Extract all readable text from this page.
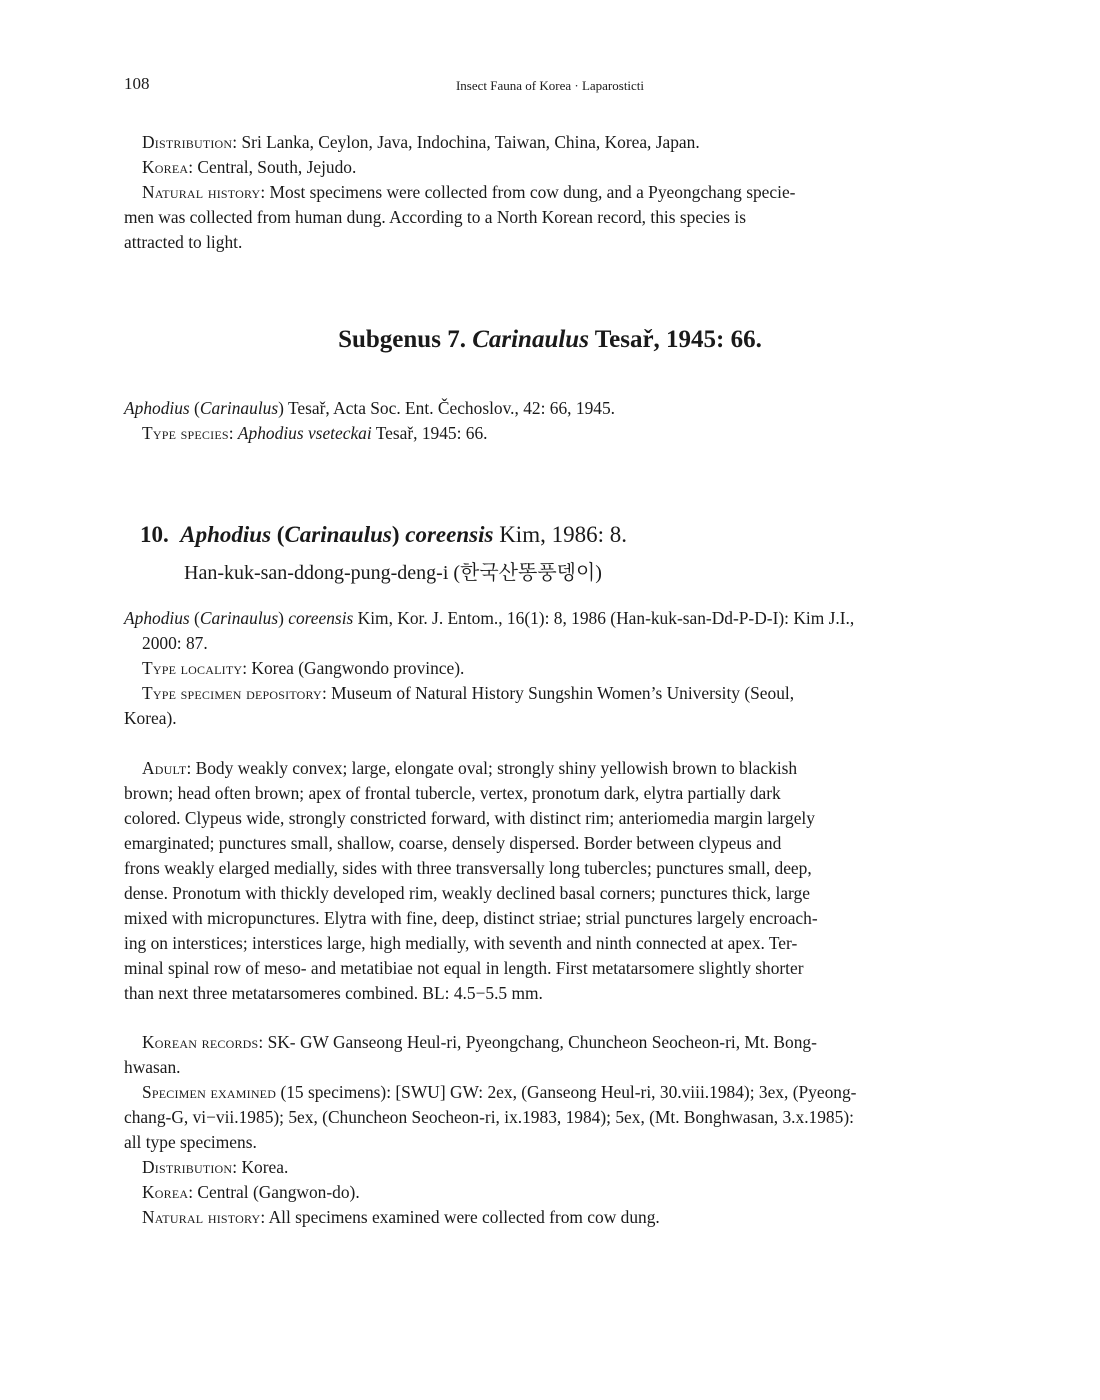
108	Insect Fauna of Korea · Laparosticti
Distribution: Sri Lanka, Ceylon, Java, Indochina, Taiwan, China, Korea, Japan.
Korea: Central, South, Jejudo.
Natural history: Most specimens were collected from cow dung, and a Pyeongchang specie-
men was collected from human dung. According to a North Korean record, this species is
attracted to light.
Subgenus 7. Carinaulus Tesař, 1945: 66.
Aphodius (Carinaulus) Tesař, Acta Soc. Ent. Čechoslov., 42: 66, 1945.
Type species: Aphodius vseteckai Tesař, 1945: 66.
10. Aphodius (Carinaulus) coreensis Kim, 1986: 8.
Han-kuk-san-ddong-pung-deng-i (한국산똥풍뎅이)
Aphodius (Carinaulus) coreensis Kim, Kor. J. Entom., 16(1): 8, 1986 (Han-kuk-san-Dd-P-D-I): Kim J.I.,
2000: 87.
Type locality: Korea (Gangwondo province).
Type specimen depository: Museum of Natural History Sungshin Women’s University (Seoul,
Korea).
Adult: Body weakly convex; large, elongate oval; strongly shiny yellowish brown to blackish
brown; head often brown; apex of frontal tubercle, vertex, pronotum dark, elytra partially dark
colored. Clypeus wide, strongly constricted forward, with distinct rim; anteriomedia margin largely
emarginated; punctures small, shallow, coarse, densely dispersed. Border between clypeus and
frons weakly elarged medially, sides with three transversally long tubercles; punctures small, deep,
dense. Pronotum with thickly developed rim, weakly declined basal corners; punctures thick, large
mixed with micropunctures. Elytra with fine, deep, distinct striae; strial punctures largely encroach-
ing on interstices; interstices large, high medially, with seventh and ninth connected at apex. Ter-
minal spinal row of meso- and metatibiae not equal in length. First metatarsomere slightly shorter
than next three metatarsomeres combined. BL: 4.5−5.5 mm.
Korean records: SK- GW Ganseong Heul-ri, Pyeongchang, Chuncheon Seocheon-ri, Mt. Bong-
hwasan.
Specimen examined (15 specimens): [SWU] GW: 2ex, (Ganseong Heul-ri, 30.viii.1984); 3ex, (Pyeong-
chang-G, vi−vii.1985); 5ex, (Chuncheon Seocheon-ri, ix.1983, 1984); 5ex, (Mt. Bonghwasan, 3.x.1985):
all type specimens.
Distribution: Korea.
Korea: Central (Gangwon-do).
Natural history: All specimens examined were collected from cow dung.
